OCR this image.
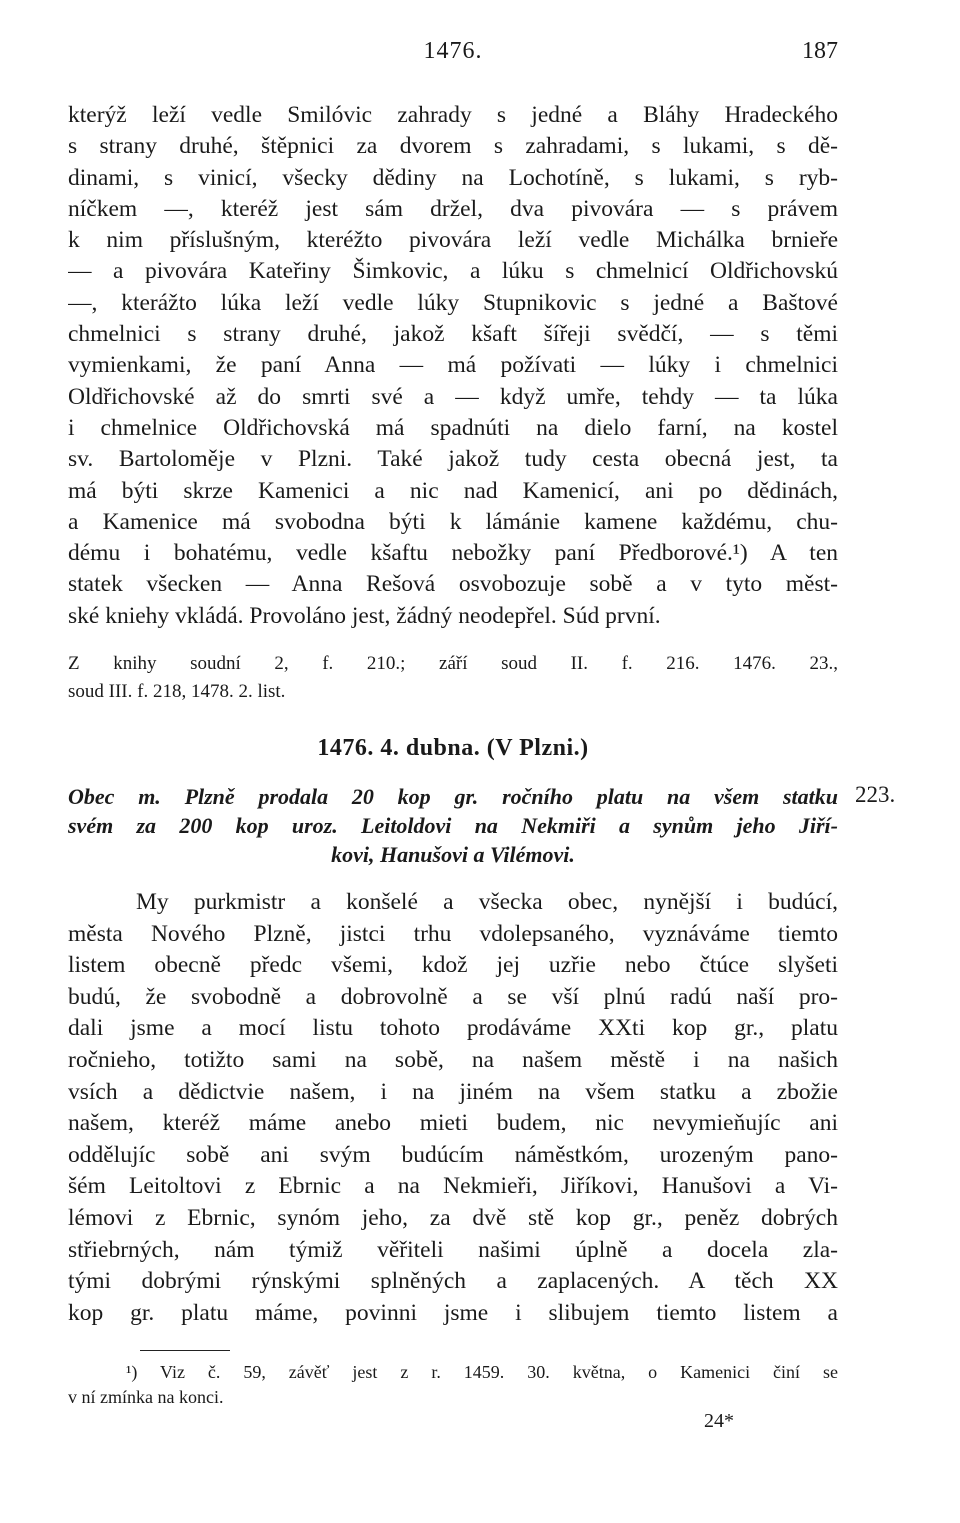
1476.	187
kterýž leží vedle Smilóvic zahrady s jedné a Bláhy Hradeckého
s strany druhé, štěpnici za dvorem s zahradami, s lukami, s dě-
dinami, s vinicí, všecky dědiny na Lochotíně, s lukami, s ryb-
níčkem —, kteréž jest sám držel, dva pivovára — s právem
k nim příslušným, kteréžto pivovára leží vedle Michálka brnieře
— a pivovára Kateřiny Šimkovic, a lúku s chmelnicí Oldřichovskú
—, kterážto lúka leží vedle lúky Stupnikovic s jedné a Baštové
chmelnici s strany druhé, jakož kšaft šířeji svědčí, — s těmi
vymienkami, že paní Anna — má požívati — lúky i chmelnici
Oldřichovské až do smrti své a — když umře, tehdy — ta lúka
i chmelnice Oldřichovská má spadnúti na dielo farní, na kostel
sv. Bartoloměje v Plzni. Také jakož tudy cesta obecná jest, ta
má býti skrze Kamenici a nic nad Kamenicí, ani po dědinách,
a Kamenice má svobodna býti k lámánie kamene každému, chu-
dému i bohatému, vedle kšaftu nebožky paní Předborové.¹) A ten
statek všecken — Anna Rešová osvobozuje sobě a v tyto měst-
ské kniehy vkládá. Provoláno jest, žádný neodepřel. Súd první.
Z knihy soudní 2, f. 210.; září soud II. f. 216. 1476. 23.,
soud III. f. 218, 1478. 2. list.
1476. 4. dubna. (V Plzni.)
Obec m. Plzně prodala 20 kop gr. ročního platu na všem statku
svém za 200 kop uroz. Leitoldovi na Nekmiři a synům jeho Jiří-
kovi, Hanušovi a Vilémovi.
223.
My purkmistr a konšelé a všecka obec, nynější i budúcí,
města Nového Plzně, jistci trhu vdolepsaného, vyznáváme tiemto
listem obecně předc všemi, kdož jej uzřie nebo čtúce slyšeti
budú, že svobodně a dobrovolně a se vší plnú radú naší pro-
dali jsme a mocí listu tohoto prodáváme XXti kop gr., platu
ročnieho, totižto sami na sobě, na našem městě i na našich
vsích a dědictvie našem, i na jiném na všem statku a zbožie
našem, kteréž máme anebo mieti budem, nic nevymieňujíc ani
oddělujíc sobě ani svým budúcím náměstkóm, urozeným pano-
šém Leitoltovi z Ebrnic a na Nekmieři, Jiříkovi, Hanušovi a Vi-
lémovi z Ebrnic, synóm jeho, za dvě stě kop gr., peněz dobrých
střiebrných, nám týmiž věřiteli našimi úplně a docela zla-
tými dobrými rýnskými splněných a zaplacených. A těch XX
kop gr. platu máme, povinni jsme i slibujem tiemto listem a
¹) Viz č. 59, závěť jest z r. 1459. 30. května, o Kamenici činí se
v ní zmínka na konci.
24*
